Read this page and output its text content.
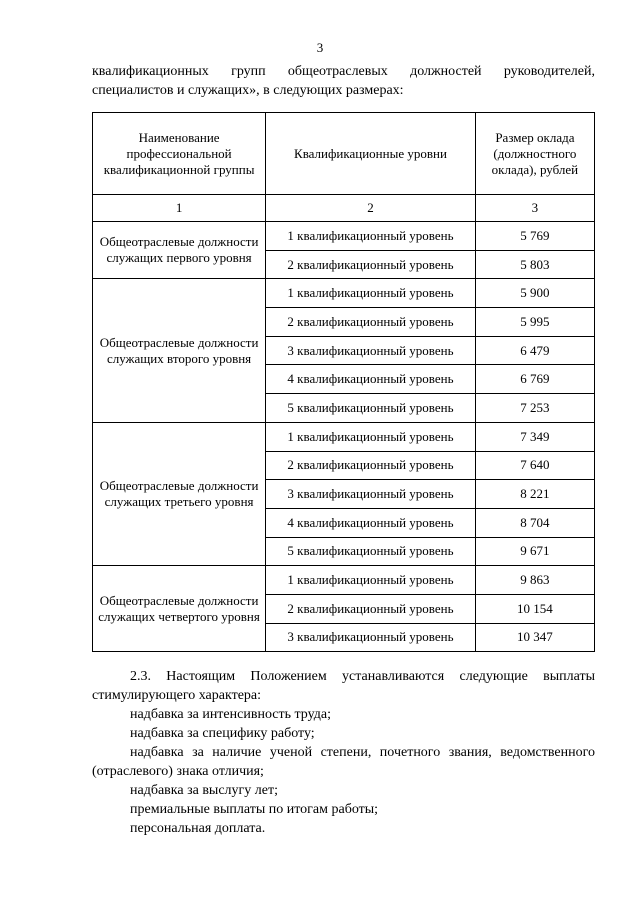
3
квалификационных групп общеотраслевых должностей руководителей,
специалистов и служащих», в следующих размерах:
Наименование профессиональной квалификационной группы	Квалификационные уровни	Размер оклада (должностного оклада), рублей
1	2	3
Общеотраслевые должности служащих первого уровня	1 квалификационный уровень	5 769
	2 квалификационный уровень	5 803
Общеотраслевые должности служащих второго уровня	1 квалификационный уровень	5 900
	2 квалификационный уровень	5 995
	3 квалификационный уровень	6 479
	4 квалификационный уровень	6 769
	5 квалификационный уровень	7 253
Общеотраслевые должности служащих третьего уровня	1 квалификационный уровень	7 349
	2 квалификационный уровень	7 640
	3 квалификационный уровень	8 221
	4 квалификационный уровень	8 704
	5 квалификационный уровень	9 671
Общеотраслевые должности служащих четвертого уровня	1 квалификационный уровень	9 863
	2 квалификационный уровень	10 154
	3 квалификационный уровень	10 347

2.3. Настоящим Положением устанавливаются следующие выплаты стимулирующего характера:

надбавка за интенсивность труда;

надбавка за специфику работу;

надбавка за наличие ученой степени, почетного звания, ведомственного (отраслевого) знака отличия;

надбавка за выслугу лет;

премиальные выплаты по итогам работы;

персональная доплата.
